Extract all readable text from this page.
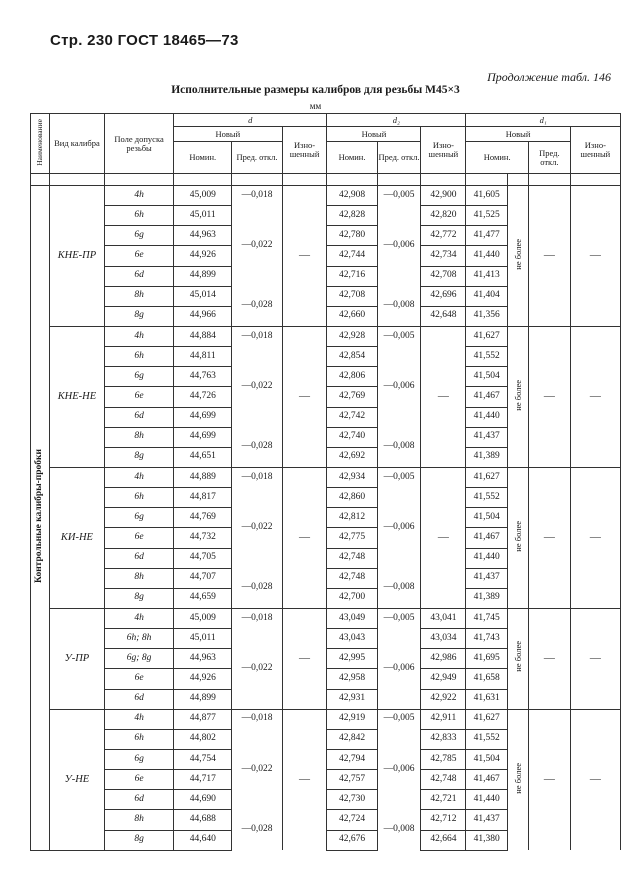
Стр. 230 ГОСТ 18465—73
Продолжение табл. 146
Исполнительные размеры калибров для резьбы М45×3
мм
Наименование	Вид калибра	Поле допуска резьбы	d			d₂			d₁			
			Новый		Изно-шенный	Новый		Изно-шенный	Новый			Изно-шенный
			Номин.	Пред. откл.		Номин.	Пред. откл.		Номин.		Пред. откл.	

Контрольные калибры-пробки	КНЕ-ПР	4h	45,009	—0,018	—	42,908	—0,005	42,900	41,605	не более	—	—
		6h	45,011	—0,022		42,828	—0,006	42,820	41,525			
		6g	44,963			42,780		42,772	41,477			
		6e	44,926			42,744		42,734	41,440			
		6d	44,899			42,716		42,708	41,413			
		8h	45,014	—0,028		42,708	—0,008	42,696	41,404			
		8g	44,966			42,660		42,648	41,356			
	КНЕ-НЕ	4h	44,884	—0,018	—	42,928	—0,005	—	41,627	не более	—	—
		6h	44,811	—0,022		42,854	—0,006		41,552			
		6g	44,763			42,806			41,504			
		6e	44,726			42,769			41,467			
		6d	44,699			42,742			41,440			
		8h	44,699	—0,028		42,740	—0,008		41,437			
		8g	44,651			42,692			41,389			
	КИ-НЕ	4h	44,889	—0,018	—	42,934	—0,005	—	41,627	не более	—	—
		6h	44,817	—0,022		42,860	—0,006		41,552			
		6g	44,769			42,812			41,504			
		6e	44,732			42,775			41,467			
		6d	44,705			42,748			41,440			
		8h	44,707	—0,028		42,748	—0,008		41,437			
		8g	44,659			42,700			41,389			
	У-ПР	4h	45,009	—0,018	—	43,049	—0,005	43,041	41,745	не более	—	—
		6h; 8h	45,011	—0,022		43,043	—0,006	43,034	41,743			
		6g; 8g	44,963			42,995		42,986	41,695			
		6e	44,926			42,958		42,949	41,658			
		6d	44,899			42,931		42,922	41,631			
	У-НЕ	4h	44,877	—0,018	—	42,919	—0,005	42,911	41,627	не более	—	—
		6h	44,802	—0,022		42,842	—0,006	42,833	41,552			
		6g	44,754			42,794		42,785	41,504			
		6e	44,717			42,757		42,748	41,467			
		6d	44,690			42,730		42,721	41,440			
		8h	44,688	—0,028		42,724	—0,008	42,712	41,437			
		8g	44,640			42,676		42,664	41,380			
